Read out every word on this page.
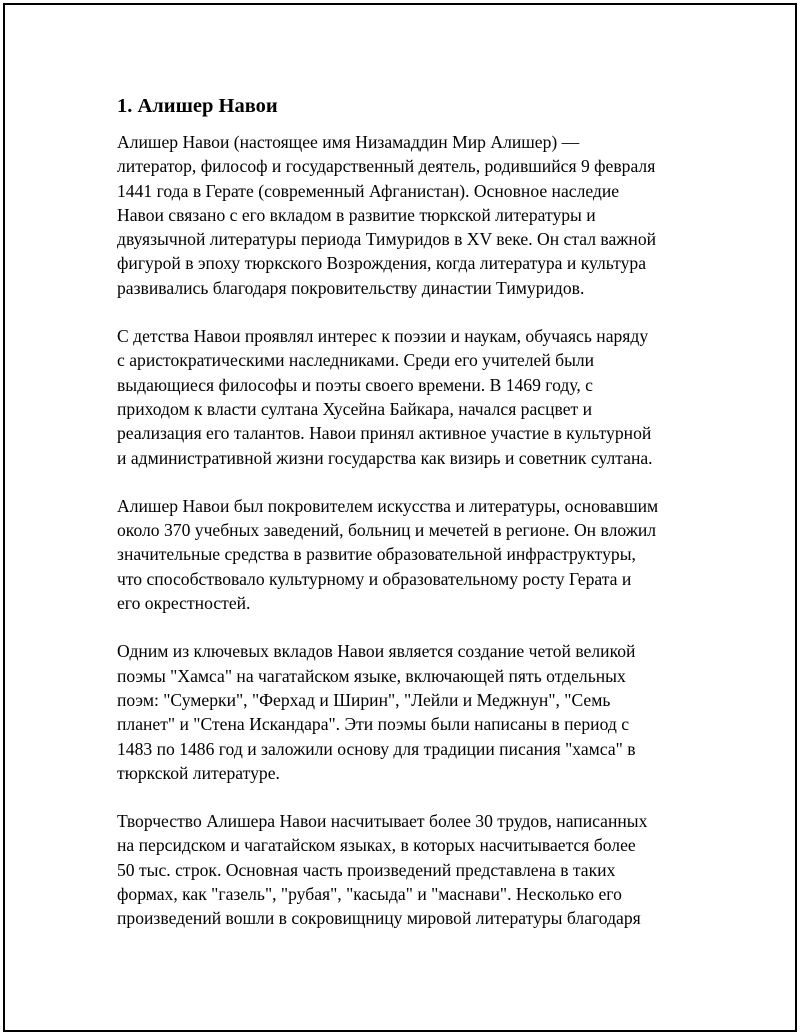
1. Алишер Навои

Алишер Навои (настоящее имя Низамаддин Мир Алишер) —
литератор, философ и государственный деятель, родившийся 9 февраля
1441 года в Герате (современный Афганистан). Основное наследие
Навои связано с его вкладом в развитие тюркской литературы и
двуязычной литературы периода Тимуридов в XV веке. Он стал важной
фигурой в эпоху тюркского Возрождения, когда литература и культура
развивались благодаря покровительству династии Тимуридов.

С детства Навои проявлял интерес к поэзии и наукам, обучаясь наряду
с аристократическими наследниками. Среди его учителей были
выдающиеся философы и поэты своего времени. В 1469 году, с
приходом к власти султана Хусейна Байкара, начался расцвет и
реализация его талантов. Навои принял активное участие в культурной
и административной жизни государства как визирь и советник султана.

Алишер Навои был покровителем искусства и литературы, основавшим
около 370 учебных заведений, больниц и мечетей в регионе. Он вложил
значительные средства в развитие образовательной инфраструктуры,
что способствовало культурному и образовательному росту Герата и
его окрестностей.

Одним из ключевых вкладов Навои является создание четой великой
поэмы "Хамса" на чагатайском языке, включающей пять отдельных
поэм: "Сумерки", "Ферхад и Ширин", "Лейли и Меджнун", "Семь
планет" и "Стена Искандара". Эти поэмы были написаны в период с
1483 по 1486 год и заложили основу для традиции писания "хамса" в
тюркской литературе.

Творчество Алишера Навои насчитывает более 30 трудов, написанных
на персидском и чагатайском языках, в которых насчитывается более
50 тыс. строк. Основная часть произведений представлена в таких
формах, как "газель", "рубая", "касыда" и "маснави". Несколько его
произведений вошли в сокровищницу мировой литературы благодаря
